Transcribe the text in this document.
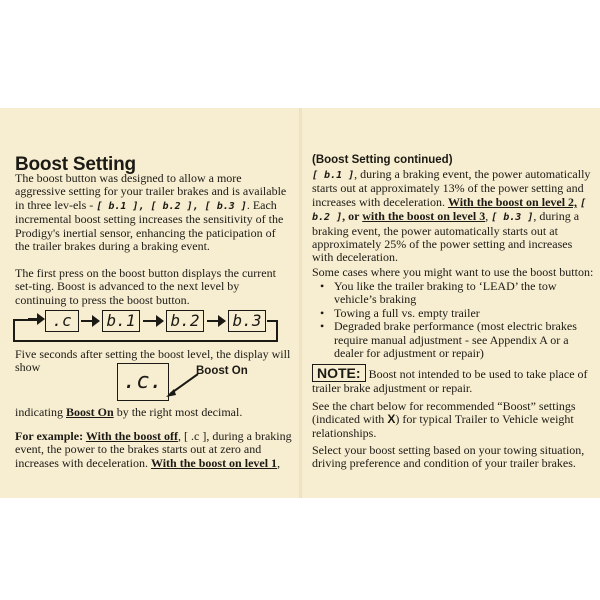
Boost Setting

The boost button was designed to allow a more aggressive setting for your trailer brakes and is available in three lev-els - [ b.1 ], [ b.2 ], [ b.3 ]. Each incremental boost setting increases the sensitivity of the Prodigy's inertial sensor, enhancing the paticipation of the trailer brakes during a braking event.

The first press on the boost button displays the current set-ting. Boost is advanced to the next level by continuing to press the boost button.

.c	b.1 b.2 b.3

Five seconds after setting the boost level, the display will show

.c.	Boost On

indicating Boost On by the right most decimal.

For example: With the boost off, [ .c ], during a braking event, the power to the brakes starts out at zero and increases with deceleration. With the boost on level 1,

(Boost Setting continued)

[ b.1 ], during a braking event, the power automatically starts out at approximately 13% of the power setting and increases with deceleration. With the boost on level 2, [ b.2 ], or with the boost on level 3, [ b.3 ], during a braking event, the power automatically starts out at approximately 25% of the power setting and increases with deceleration.

Some cases where you might want to use the boost button:

• You like the trailer braking to ‘LEAD’ the tow vehicle’s braking
• Towing a full vs. empty trailer
• Degraded brake performance (most electric brakes require manual adjustment - see Appendix A or a dealer for adjustment or repair)

NOTE: Boost not intended to be used to take place of trailer brake adjustment or repair.

See the chart below for recommended “Boost” settings (indicated with X) for typical Trailer to Vehicle weight relationships.

Select your boost setting based on your towing situation, driving preference and condition of your trailer brakes.
